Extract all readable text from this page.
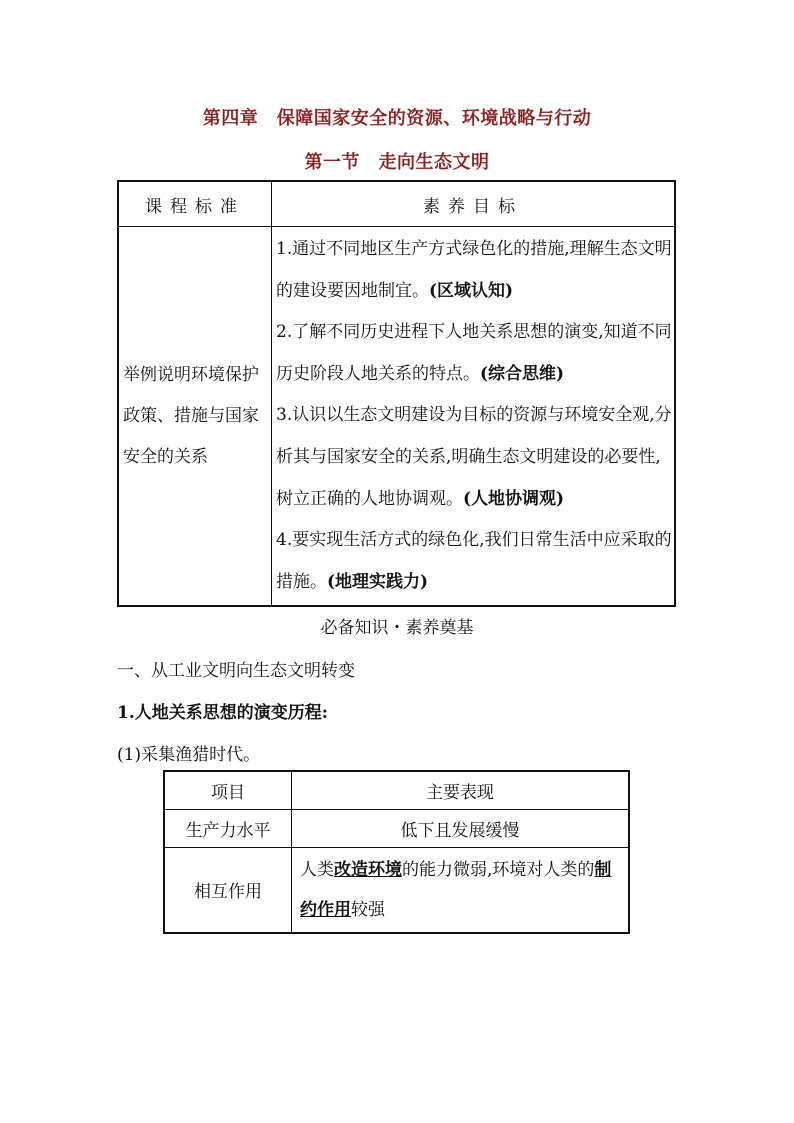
第四章　保障国家安全的资源、环境战略与行动
第一节　走向生态文明
课程标准	素养目标
举例说明环境保护政策、措施与国家安全的关系	1.通过不同地区生产方式绿色化的措施,理解生态文明的建设要因地制宜。(区域认知)
2.了解不同历史进程下人地关系思想的演变,知道不同历史阶段人地关系的特点。(综合思维)
3.认识以生态文明建设为目标的资源与环境安全观,分析其与国家安全的关系,明确生态文明建设的必要性,树立正确的人地协调观。(人地协调观)
4.要实现生活方式的绿色化,我们日常生活中应采取的措施。(地理实践力)
必备知识・素养奠基
一、从工业文明向生态文明转变
1.人地关系思想的演变历程:
(1)采集渔猎时代。
项目	主要表现
生产力水平	低下且发展缓慢
相互作用	人类改造环境的能力微弱,环境对人类的制约作用较强
